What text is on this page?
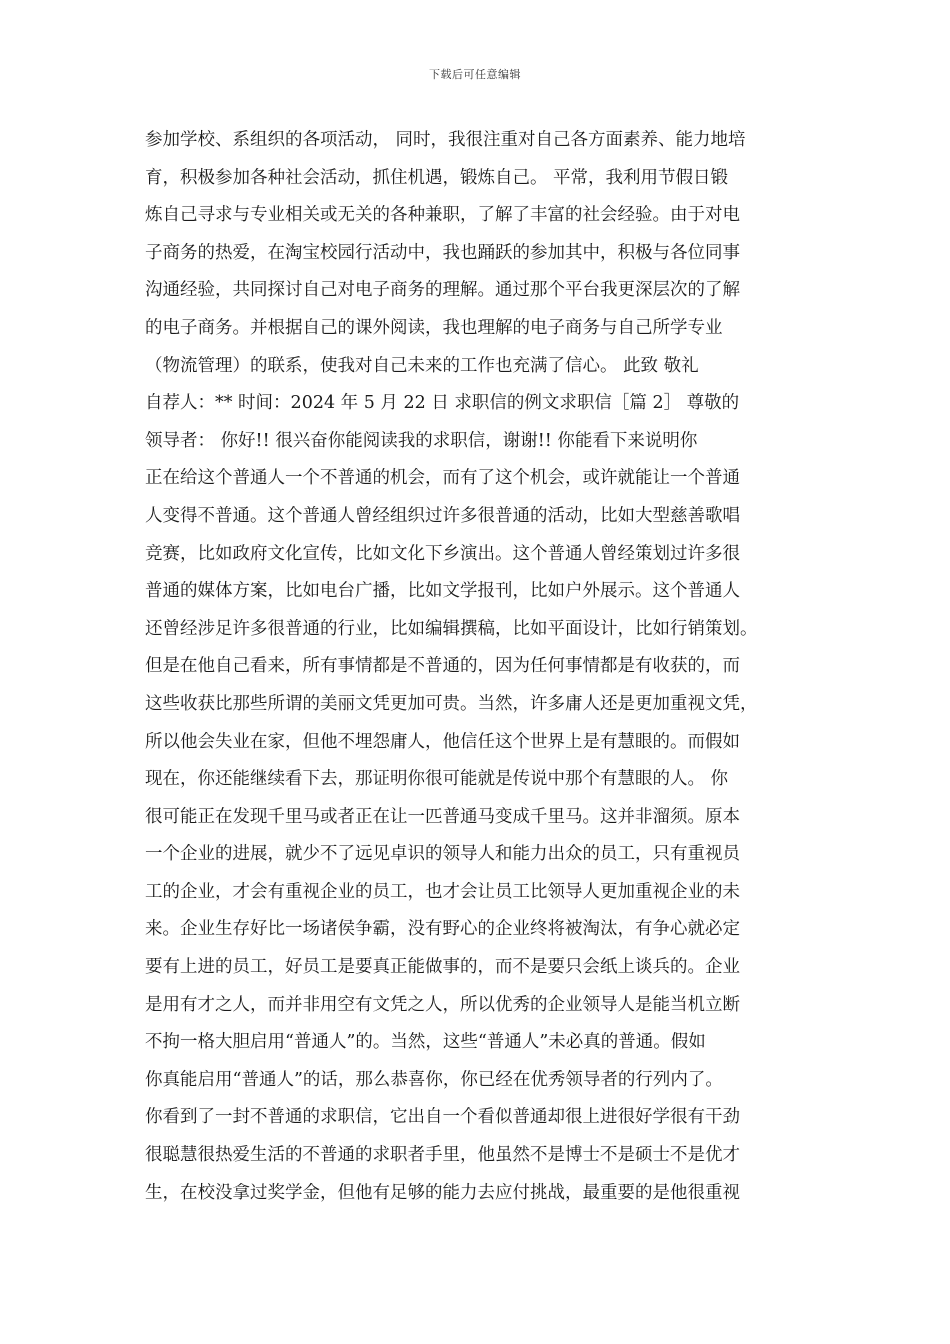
下载后可任意编辑
参加学校、系组织的各项活动， 同时，我很注重对自己各方面素养、能力地培
育，积极参加各种社会活动，抓住机遇，锻炼自己。 平常，我利用节假日锻
炼自己寻求与专业相关或无关的各种兼职，了解了丰富的社会经验。由于对电
子商务的热爱，在淘宝校园行活动中，我也踊跃的参加其中，积极与各位同事
沟通经验，共同探讨自己对电子商务的理解。通过那个平台我更深层次的了解
的电子商务。并根据自己的课外阅读，我也理解的电子商务与自己所学专业
（物流管理）的联系，使我对自己未来的工作也充满了信心。 此致 敬礼
自荐人：** 时间：2024 年 5 月 22 日 求职信的例文求职信［篇 2］ 尊敬的
领导者： 你好!! 很兴奋你能阅读我的求职信，谢谢!! 你能看下来说明你
正在给这个普通人一个不普通的机会，而有了这个机会，或许就能让一个普通
人变得不普通。这个普通人曾经组织过许多很普通的活动，比如大型慈善歌唱
竞赛，比如政府文化宣传，比如文化下乡演出。这个普通人曾经策划过许多很
普通的媒体方案，比如电台广播，比如文学报刊，比如户外展示。这个普通人
还曾经涉足许多很普通的行业，比如编辑撰稿，比如平面设计，比如行销策划。
但是在他自己看来，所有事情都是不普通的，因为任何事情都是有收获的，而
这些收获比那些所谓的美丽文凭更加可贵。当然，许多庸人还是更加重视文凭，
所以他会失业在家，但他不埋怨庸人，他信任这个世界上是有慧眼的。而假如
现在，你还能继续看下去，那证明你很可能就是传说中那个有慧眼的人。 你
很可能正在发现千里马或者正在让一匹普通马变成千里马。这并非溜须。原本
一个企业的进展，就少不了远见卓识的领导人和能力出众的员工，只有重视员
工的企业，才会有重视企业的员工，也才会让员工比领导人更加重视企业的未
来。企业生存好比一场诸侯争霸，没有野心的企业终将被淘汰，有争心就必定
要有上进的员工，好员工是要真正能做事的，而不是要只会纸上谈兵的。企业
是用有才之人，而并非用空有文凭之人，所以优秀的企业领导人是能当机立断
不拘一格大胆启用“普通人”的。当然，这些“普通人”未必真的普通。假如
你真能启用“普通人”的话，那么恭喜你，你已经在优秀领导者的行列内了。
你看到了一封不普通的求职信，它出自一个看似普通却很上进很好学很有干劲
很聪慧很热爱生活的不普通的求职者手里，他虽然不是博士不是硕士不是优才
生，在校没拿过奖学金，但他有足够的能力去应付挑战，最重要的是他很重视
